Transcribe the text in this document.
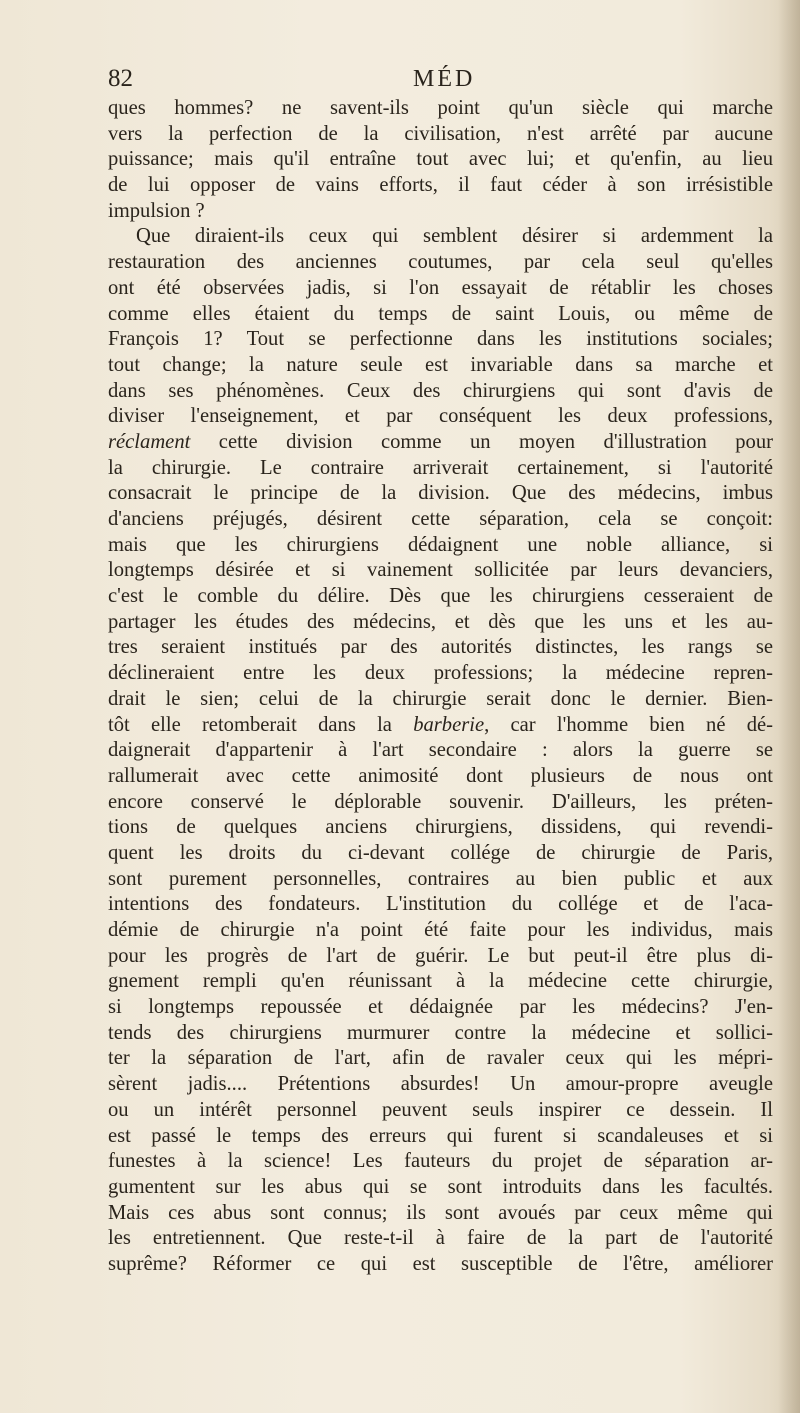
82	MÉD
ques hommes? ne savent-ils point qu'un siècle qui marche
vers la perfection de la civilisation, n'est arrêté par aucune
puissance; mais qu'il entraîne tout avec lui; et qu'enfin, au lieu
de lui opposer de vains efforts, il faut céder à son irrésistible
impulsion ?
Que diraient-ils ceux qui semblent désirer si ardemment la
restauration des anciennes coutumes, par cela seul qu'elles
ont été observées jadis, si l'on essayait de rétablir les choses
comme elles étaient du temps de saint Louis, ou même de
François 1? Tout se perfectionne dans les institutions sociales;
tout change; la nature seule est invariable dans sa marche et
dans ses phénomènes. Ceux des chirurgiens qui sont d'avis de
diviser l'enseignement, et par conséquent les deux professions,
réclament cette division comme un moyen d'illustration pour
la chirurgie. Le contraire arriverait certainement, si l'autorité
consacrait le principe de la division. Que des médecins, imbus
d'anciens préjugés, désirent cette séparation, cela se conçoit:
mais que les chirurgiens dédaignent une noble alliance, si
longtemps désirée et si vainement sollicitée par leurs devanciers,
c'est le comble du délire. Dès que les chirurgiens cesseraient de
partager les études des médecins, et dès que les uns et les au-
tres seraient institués par des autorités distinctes, les rangs se
déclineraient entre les deux professions; la médecine repren-
drait le sien; celui de la chirurgie serait donc le dernier. Bien-
tôt elle retomberait dans la barberie, car l'homme bien né dé-
daignerait d'appartenir à l'art secondaire : alors la guerre se
rallumerait avec cette animosité dont plusieurs de nous ont
encore conservé le déplorable souvenir. D'ailleurs, les préten-
tions de quelques anciens chirurgiens, dissidens, qui revendi-
quent les droits du ci-devant collége de chirurgie de Paris,
sont purement personnelles, contraires au bien public et aux
intentions des fondateurs. L'institution du collége et de l'aca-
démie de chirurgie n'a point été faite pour les individus, mais
pour les progrès de l'art de guérir. Le but peut-il être plus di-
gnement rempli qu'en réunissant à la médecine cette chirurgie,
si longtemps repoussée et dédaignée par les médecins? J'en-
tends des chirurgiens murmurer contre la médecine et sollici-
ter la séparation de l'art, afin de ravaler ceux qui les mépri-
sèrent jadis.... Prétentions absurdes! Un amour-propre aveugle
ou un intérêt personnel peuvent seuls inspirer ce dessein. Il
est passé le temps des erreurs qui furent si scandaleuses et si
funestes à la science! Les fauteurs du projet de séparation ar-
gumentent sur les abus qui se sont introduits dans les facultés.
Mais ces abus sont connus; ils sont avoués par ceux même qui
les entretiennent. Que reste-t-il à faire de la part de l'autorité
suprême? Réformer ce qui est susceptible de l'être, améliorer
